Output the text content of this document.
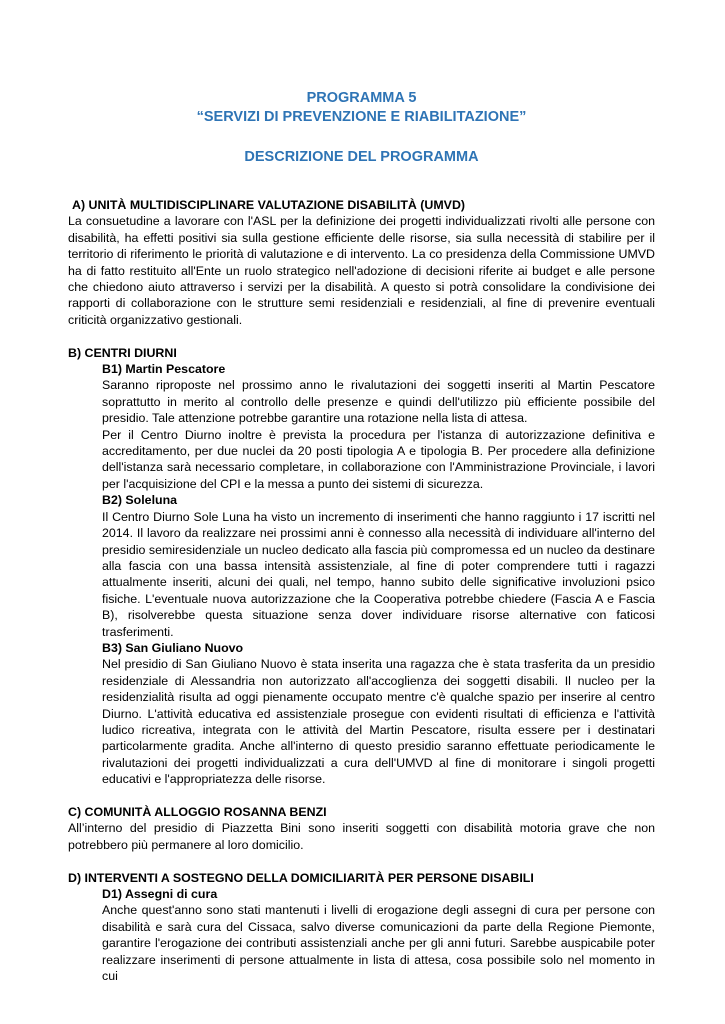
PROGRAMMA 5

“SERVIZI DI PREVENZIONE E RIABILITAZIONE”

DESCRIZIONE DEL PROGRAMMA

A) UNITÀ MULTIDISCIPLINARE VALUTAZIONE DISABILITÀ (UMVD)

La consuetudine a lavorare con l'ASL per la definizione dei progetti individualizzati rivolti alle persone con disabilità, ha effetti positivi sia sulla gestione efficiente delle risorse, sia sulla necessità di stabilire per il territorio di riferimento le priorità di valutazione e di intervento. La co presidenza della Commissione UMVD ha di fatto restituito all'Ente un ruolo strategico nell'adozione di decisioni riferite ai budget e alle persone che chiedono aiuto attraverso i servizi per la disabilità. A questo si potrà consolidare la condivisione dei rapporti di collaborazione con le strutture semi residenziali e residenziali, al fine di prevenire eventuali criticità organizzativo gestionali.

B) CENTRI DIURNI

B1) Martin Pescatore

Saranno riproposte nel prossimo anno le rivalutazioni dei soggetti inseriti al Martin Pescatore soprattutto in merito al controllo delle presenze e quindi dell'utilizzo più efficiente possibile del presidio. Tale attenzione potrebbe garantire una rotazione nella lista di attesa.

Per il Centro Diurno inoltre è prevista la procedura per l'istanza di autorizzazione definitiva e accreditamento, per due nuclei da 20 posti tipologia A e tipologia B. Per procedere alla definizione dell'istanza sarà necessario completare, in collaborazione con l'Amministrazione Provinciale, i lavori per l'acquisizione del CPI e la messa a punto dei sistemi di sicurezza.

B2) Soleluna

Il Centro Diurno Sole Luna ha visto un incremento di inserimenti che hanno raggiunto i 17 iscritti nel 2014. Il lavoro da realizzare nei prossimi anni è connesso alla necessità di individuare all'interno del presidio semiresidenziale un nucleo dedicato alla fascia più compromessa ed un nucleo da destinare alla fascia con una bassa intensità assistenziale, al fine di poter comprendere tutti i ragazzi attualmente inseriti, alcuni dei quali, nel tempo, hanno subito delle significative involuzioni psico fisiche. L'eventuale nuova autorizzazione che la Cooperativa potrebbe chiedere (Fascia A e Fascia B), risolverebbe questa situazione senza dover individuare risorse alternative con faticosi trasferimenti.

B3) San Giuliano Nuovo

Nel presidio di San Giuliano Nuovo è stata inserita una ragazza che è stata trasferita da un presidio residenziale di Alessandria non autorizzato all'accoglienza dei soggetti disabili. Il nucleo per la residenzialità risulta ad oggi pienamente occupato mentre c'è qualche spazio per inserire al centro Diurno. L'attività educativa ed assistenziale prosegue con evidenti risultati di efficienza e l'attività ludico ricreativa, integrata con le attività del Martin Pescatore, risulta essere per i destinatari particolarmente gradita. Anche all'interno di questo presidio saranno effettuate periodicamente le rivalutazioni dei progetti individualizzati a cura dell'UMVD al fine di monitorare i singoli progetti educativi e l'appropriatezza delle risorse.

C) COMUNITÀ ALLOGGIO ROSANNA BENZI

All’interno del presidio di Piazzetta Bini sono inseriti soggetti con disabilità motoria grave che non potrebbero più permanere al loro domicilio.

D) INTERVENTI A SOSTEGNO DELLA DOMICILIARITÀ PER PERSONE DISABILI

D1) Assegni di cura

Anche quest'anno sono stati mantenuti i livelli di erogazione degli assegni di cura per persone con disabilità e sarà cura del Cissaca, salvo diverse comunicazioni da parte della Regione Piemonte, garantire l'erogazione dei contributi assistenziali anche per gli anni futuri. Sarebbe auspicabile poter realizzare inserimenti di persone attualmente in lista di attesa, cosa possibile solo nel momento in cui
